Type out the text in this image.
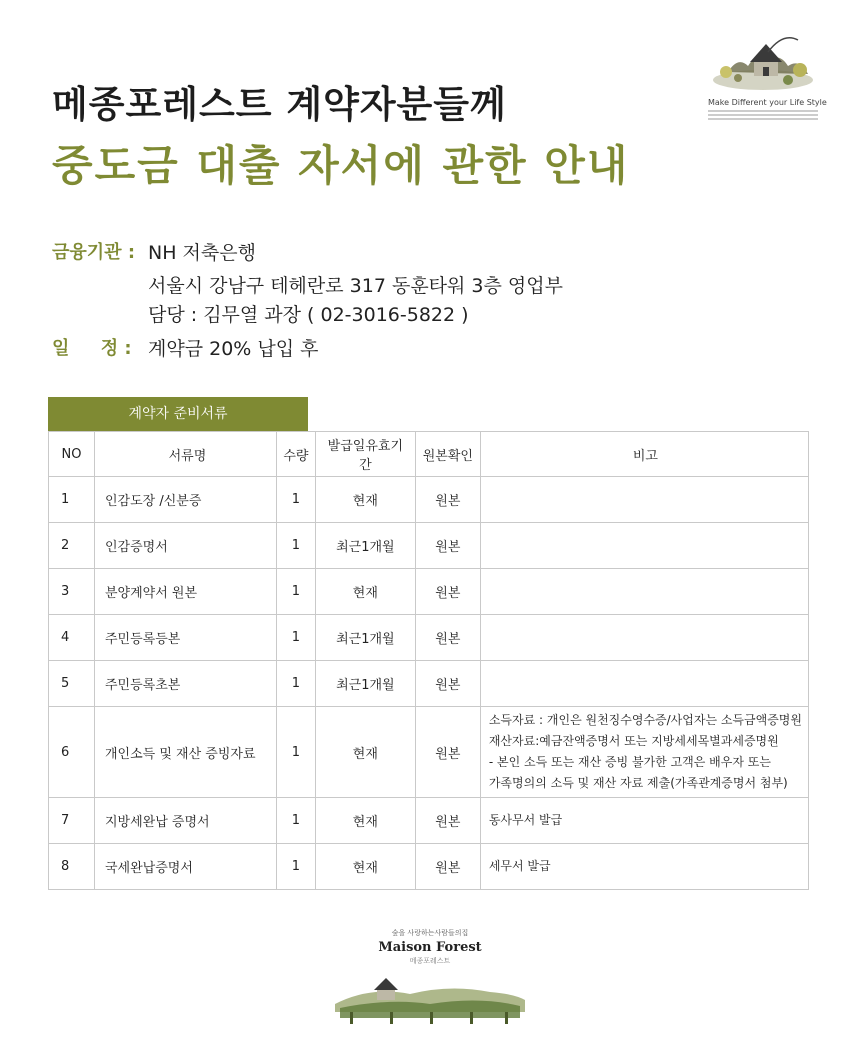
메종포레스트 계약자분들께
중도금 대출 자서에 관한 안내
Make Different your Life Style
금융기관 : NH 저축은행
서울시 강남구 테헤란로 317 동훈타워 3층 영업부
담당 : 김무열 과장 ( 02-3016-5822 )
일     정 : 계약금 20% 납입 후
계약자 준비서류
NO	서류명	수량	발급일유효기간	원본확인	비고
1	인감도장 /신분증	1	현재	원본	
2	인감증명서	1	최근1개월	원본	
3	분양계약서 원본	1	현재	원본	
4	주민등록등본	1	최근1개월	원본	
5	주민등록초본	1	최근1개월	원본	
6	개인소득 및 재산 증빙자료	1	현재	원본	소득자료 : 개인은 원천징수영수증/사업자는 소득금액증명원
재산자료:예금잔액증명서 또는 지방세세목별과세증명원
- 본인 소득 또는 재산 증빙 불가한 고객은 배우자 또는
가족명의의 소득 및 재산 자료 제출(가족관계증명서 첨부)

7	지방세완납 증명서	1	현재	원본	동사무서 발급

8	국세완납증명서	1	현재	원본	세무서 발급
숲을 사랑하는사람들의집
Maison Forest
메종포레스트
